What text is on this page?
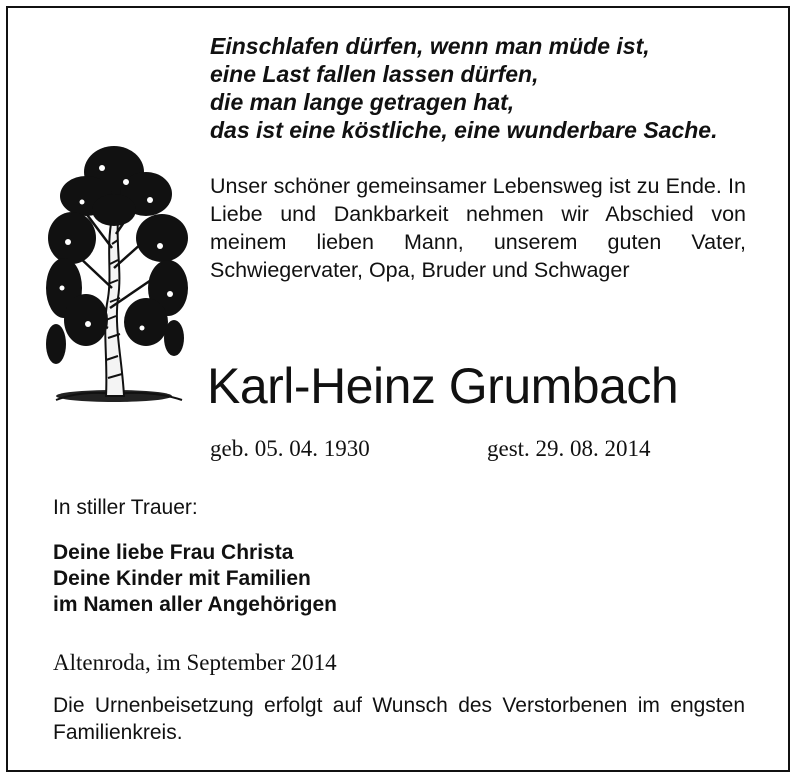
Einschlafen dürfen, wenn man müde ist,
eine Last fallen lassen dürfen,
die man lange getragen hat,
das ist eine köstliche, eine wunderbare Sache.

Unser schöner gemeinsamer Lebensweg ist zu Ende. In Liebe und Dankbarkeit nehmen wir Abschied von meinem lieben Mann, unserem guten Vater, Schwiegervater, Opa, Bruder und Schwager

Karl-Heinz Grumbach
geb. 05. 04. 1930	gest. 29. 08. 2014
In stiller Trauer:
Deine liebe Frau Christa
Deine Kinder mit Familien
im Namen aller Angehörigen
Altenroda, im September 2014

Die Urnenbeisetzung erfolgt auf Wunsch des Verstorbenen im engsten Familienkreis.
